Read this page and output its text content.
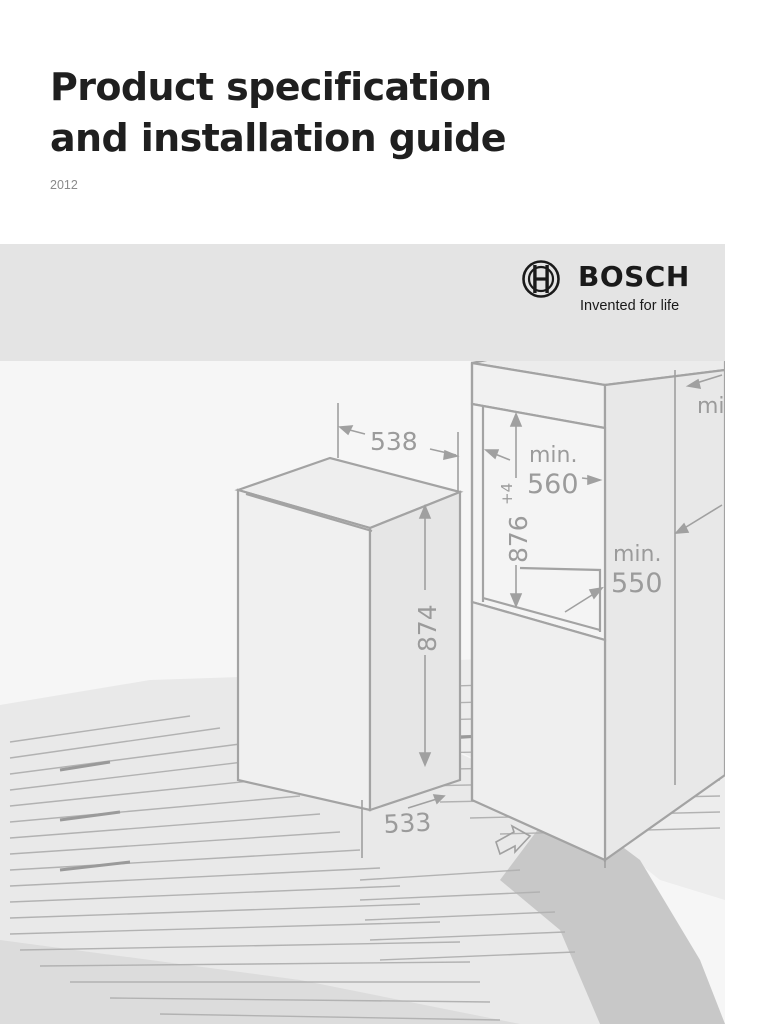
Product specification
and installation guide
2012
BOSCH
Invented for life
538
874
533
876
+4
min.
560
min.
550
mi
